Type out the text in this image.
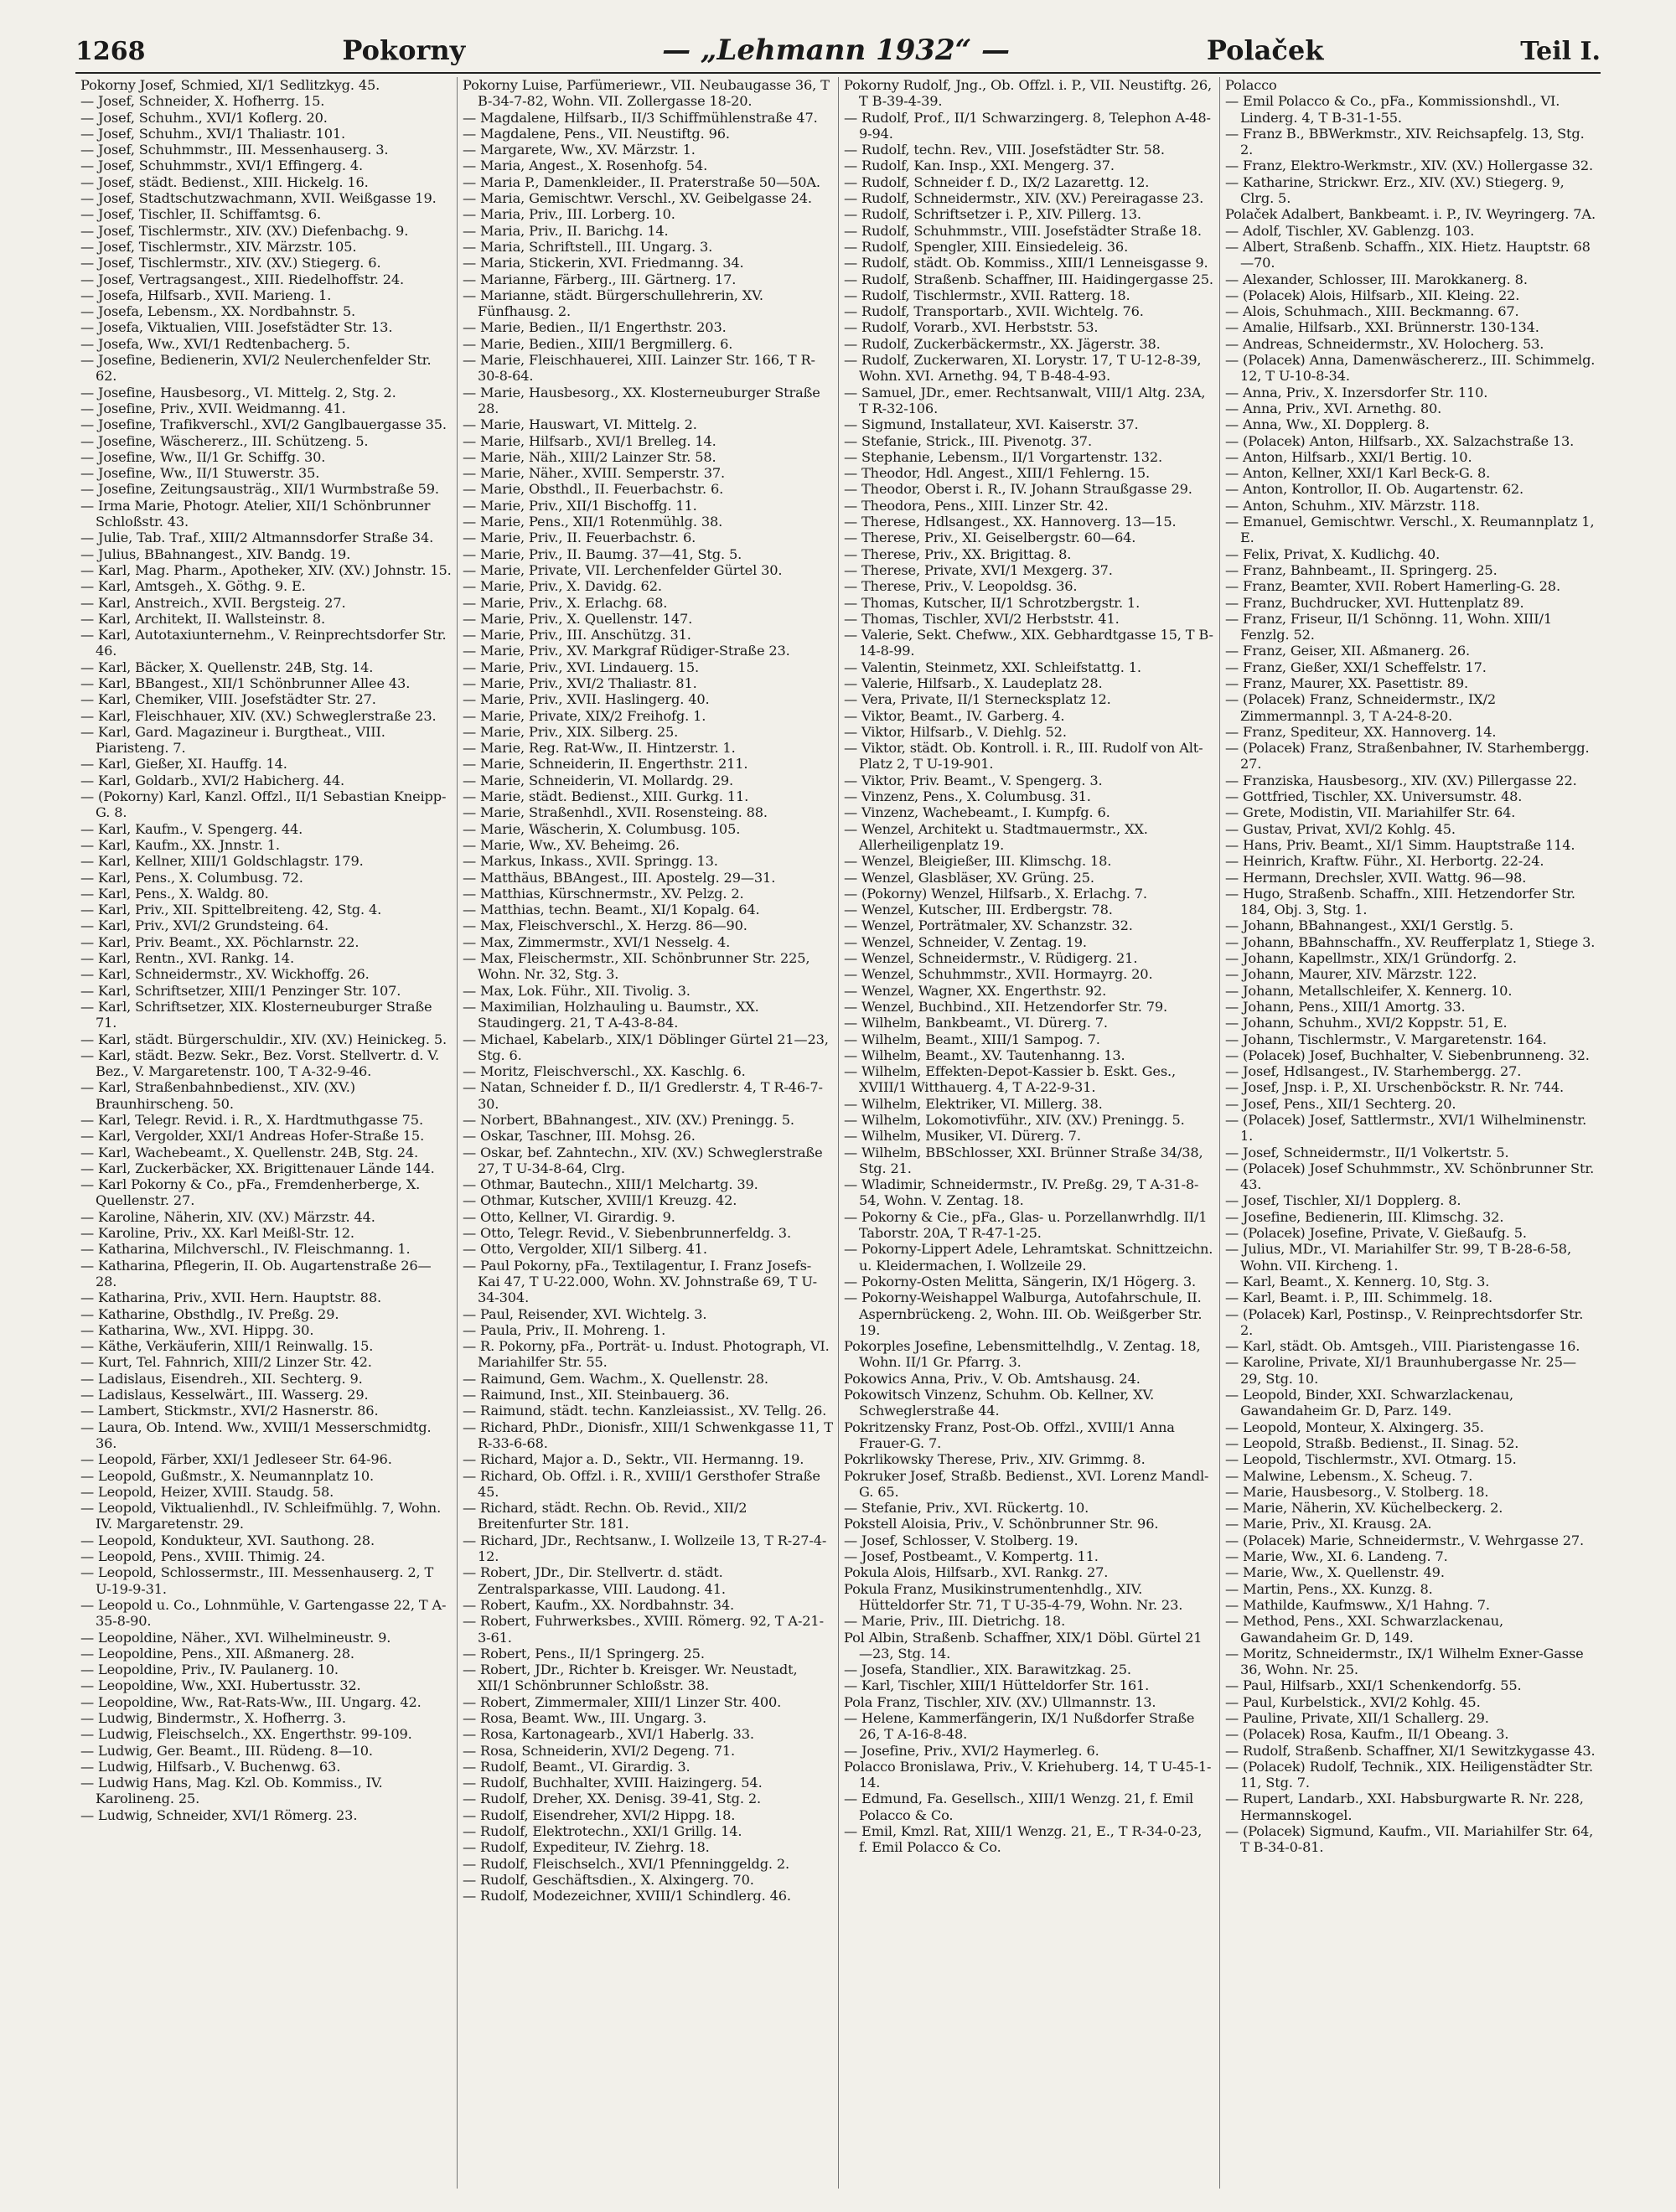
1268	Pokorny	— „Lehmann 1932“ —	Polaček	Teil I.

Pokorny Josef, Schmied, XI/1 Sedlitzkyg. 45.

— Josef, Schneider, X. Hofherrg. 15.

— Josef, Schuhm., XVI/1 Koflerg. 20.

— Josef, Schuhm., XVI/1 Thaliastr. 101.

— Josef, Schuhmmstr., III. Messenhauserg. 3.

— Josef, Schuhmmstr., XVI/1 Effingerg. 4.

— Josef, städt. Bedienst., XIII. Hickelg. 16.

— Josef, Stadtschutzwachmann, XVII. Weißgasse 19.

— Josef, Tischler, II. Schiffamtsg. 6.

— Josef, Tischlermstr., XIV. (XV.) Diefenbachg. 9.

— Josef, Tischlermstr., XIV. Märzstr. 105.

— Josef, Tischlermstr., XIV. (XV.) Stiegerg. 6.

— Josef, Vertragsangest., XIII. Riedelhoffstr. 24.

— Josefa, Hilfsarb., XVII. Marieng. 1.

— Josefa, Lebensm., XX. Nordbahnstr. 5.

— Josefa, Viktualien, VIII. Josefstädter Str. 13.

— Josefa, Ww., XVI/1 Redtenbacherg. 5.

— Josefine, Bedienerin, XVI/2 Neulerchenfelder Str. 62.

— Josefine, Hausbesorg., VI. Mittelg. 2, Stg. 2.

— Josefine, Priv., XVII. Weidmanng. 41.

— Josefine, Trafikverschl., XVI/2 Ganglbauergasse 35.

— Josefine, Wäschererz., III. Schützeng. 5.

— Josefine, Ww., II/1 Gr. Schiffg. 30.

— Josefine, Ww., II/1 Stuwerstr. 35.

— Josefine, Zeitungsausträg., XII/1 Wurmbstraße 59.

— Irma Marie, Photogr. Atelier, XII/1 Schönbrunner Schloßstr. 43.

— Julie, Tab. Traf., XIII/2 Altmannsdorfer Straße 34.

— Julius, BBahnangest., XIV. Bandg. 19.

— Karl, Mag. Pharm., Apotheker, XIV. (XV.) Johnstr. 15.

— Karl, Amtsgeh., X. Göthg. 9. E.

— Karl, Anstreich., XVII. Bergsteig. 27.

— Karl, Architekt, II. Wallsteinstr. 8.

— Karl, Autotaxiunternehm., V. Reinprechtsdorfer Str. 46.

— Karl, Bäcker, X. Quellenstr. 24B, Stg. 14.

— Karl, BBangest., XII/1 Schönbrunner Allee 43.

— Karl, Chemiker, VIII. Josefstädter Str. 27.

— Karl, Fleischhauer, XIV. (XV.) Schweglerstraße 23.

— Karl, Gard. Magazineur i. Burgtheat., VIII. Piaristeng. 7.

— Karl, Gießer, XI. Hauffg. 14.

— Karl, Goldarb., XVI/2 Habicherg. 44.

— (Pokorny) Karl, Kanzl. Offzl., II/1 Sebastian Kneipp-G. 8.

— Karl, Kaufm., V. Spengerg. 44.

— Karl, Kaufm., XX. Jnnstr. 1.

— Karl, Kellner, XIII/1 Goldschlagstr. 179.

— Karl, Pens., X. Columbusg. 72.

— Karl, Pens., X. Waldg. 80.

— Karl, Priv., XII. Spittelbreiteng. 42, Stg. 4.

— Karl, Priv., XVI/2 Grundsteing. 64.

— Karl, Priv. Beamt., XX. Pöchlarnstr. 22.

— Karl, Rentn., XVI. Rankg. 14.

— Karl, Schneidermstr., XV. Wickhoffg. 26.

— Karl, Schriftsetzer, XIII/1 Penzinger Str. 107.

— Karl, Schriftsetzer, XIX. Klosterneuburger Straße 71.

— Karl, städt. Bürgerschuldir., XIV. (XV.) Heinickeg. 5.

— Karl, städt. Bezw. Sekr., Bez. Vorst. Stellvertr. d. V. Bez., V. Margaretenstr. 100, T A-32-9-46.

— Karl, Straßenbahnbedienst., XIV. (XV.) Braunhirscheng. 50.

— Karl, Telegr. Revid. i. R., X. Hardtmuthgasse 75.

— Karl, Vergolder, XXI/1 Andreas Hofer-Straße 15.

— Karl, Wachebeamt., X. Quellenstr. 24B, Stg. 24.

— Karl, Zuckerbäcker, XX. Brigittenauer Lände 144.

— Karl Pokorny & Co., pFa., Fremdenherberge, X. Quellenstr. 27.

— Karoline, Näherin, XIV. (XV.) Märzstr. 44.

— Karoline, Priv., XX. Karl Meißl-Str. 12.

— Katharina, Milchverschl., IV. Fleischmanng. 1.

— Katharina, Pflegerin, II. Ob. Augartenstraße 26—28.

— Katharina, Priv., XVII. Hern. Hauptstr. 88.

— Katharine, Obsthdlg., IV. Preßg. 29.

— Katharina, Ww., XVI. Hippg. 30.

— Käthe, Verkäuferin, XIII/1 Reinwallg. 15.

— Kurt, Tel. Fahnrich, XIII/2 Linzer Str. 42.

— Ladislaus, Eisendreh., XII. Sechterg. 9.

— Ladislaus, Kesselwärt., III. Wasserg. 29.

— Lambert, Stickmstr., XVI/2 Hasnerstr. 86.

— Laura, Ob. Intend. Ww., XVIII/1 Messerschmidtg. 36.

— Leopold, Färber, XXI/1 Jedleseer Str. 64-96.

— Leopold, Gußmstr., X. Neumannplatz 10.

— Leopold, Heizer, XVIII. Staudg. 58.

— Leopold, Viktualienhdl., IV. Schleifmühlg. 7, Wohn. IV. Margaretenstr. 29.

— Leopold, Kondukteur, XVI. Sauthong. 28.

— Leopold, Pens., XVIII. Thimig. 24.

— Leopold, Schlossermstr., III. Messenhauserg. 2, T U-19-9-31.

— Leopold u. Co., Lohnmühle, V. Gartengasse 22, T A-35-8-90.

— Leopoldine, Näher., XVI. Wilhelmineustr. 9.

— Leopoldine, Pens., XII. Aßmanerg. 28.

— Leopoldine, Priv., IV. Paulanerg. 10.

— Leopoldine, Ww., XXI. Hubertusstr. 32.

— Leopoldine, Ww., Rat-Rats-Ww., III. Ungarg. 42.

— Ludwig, Bindermstr., X. Hofherrg. 3.

— Ludwig, Fleischselch., XX. Engerthstr. 99-109.

— Ludwig, Ger. Beamt., III. Rüdeng. 8—10.

— Ludwig, Hilfsarb., V. Buchenwg. 63.

— Ludwig Hans, Mag. Kzl. Ob. Kommiss., IV. Karolineng. 25.

— Ludwig, Schneider, XVI/1 Römerg. 23.

Pokorny Luise, Parfümeriewr., VII. Neubaugasse 36, T B-34-7-82, Wohn. VII. Zollergasse 18-20.

— Magdalene, Hilfsarb., II/3 Schiffmühlenstraße 47.

— Magdalene, Pens., VII. Neustiftg. 96.

— Margarete, Ww., XV. Märzstr. 1.

— Maria, Angest., X. Rosenhofg. 54.

— Maria P., Damenkleider., II. Praterstraße 50—50A.

— Maria, Gemischtwr. Verschl., XV. Geibelgasse 24.

— Maria, Priv., III. Lorberg. 10.

— Maria, Priv., II. Barichg. 14.

— Maria, Schriftstell., III. Ungarg. 3.

— Maria, Stickerin, XVI. Friedmanng. 34.

— Marianne, Färberg., III. Gärtnerg. 17.

— Marianne, städt. Bürgerschullehrerin, XV. Fünfhausg. 2.

— Marie, Bedien., II/1 Engerthstr. 203.

— Marie, Bedien., XIII/1 Bergmillerg. 6.

— Marie, Fleischhauerei, XIII. Lainzer Str. 166, T R-30-8-64.

— Marie, Hausbesorg., XX. Klosterneuburger Straße 28.

— Marie, Hauswart, VI. Mittelg. 2.

— Marie, Hilfsarb., XVI/1 Brelleg. 14.

— Marie, Näh., XIII/2 Lainzer Str. 58.

— Marie, Näher., XVIII. Semperstr. 37.

— Marie, Obsthdl., II. Feuerbachstr. 6.

— Marie, Priv., XII/1 Bischoffg. 11.

— Marie, Pens., XII/1 Rotenmühlg. 38.

— Marie, Priv., II. Feuerbachstr. 6.

— Marie, Priv., II. Baumg. 37—41, Stg. 5.

— Marie, Private, VII. Lerchenfelder Gürtel 30.

— Marie, Priv., X. Davidg. 62.

— Marie, Priv., X. Erlachg. 68.

— Marie, Priv., X. Quellenstr. 147.

— Marie, Priv., III. Anschützg. 31.

— Marie, Priv., XV. Markgraf Rüdiger-Straße 23.

— Marie, Priv., XVI. Lindauerg. 15.

— Marie, Priv., XVI/2 Thaliastr. 81.

— Marie, Priv., XVII. Haslingerg. 40.

— Marie, Private, XIX/2 Freihofg. 1.

— Marie, Priv., XIX. Silberg. 25.

— Marie, Reg. Rat-Ww., II. Hintzerstr. 1.

— Marie, Schneiderin, II. Engerthstr. 211.

— Marie, Schneiderin, VI. Mollardg. 29.

— Marie, städt. Bedienst., XIII. Gurkg. 11.

— Marie, Straßenhdl., XVII. Rosensteing. 88.

— Marie, Wäscherin, X. Columbusg. 105.

— Marie, Ww., XV. Beheimg. 26.

— Markus, Inkass., XVII. Springg. 13.

— Matthäus, BBAngest., III. Apostelg. 29—31.

— Matthias, Kürschnermstr., XV. Pelzg. 2.

— Matthias, techn. Beamt., XI/1 Kopalg. 64.

— Max, Fleischverschl., X. Herzg. 86—90.

— Max, Zimmermstr., XVI/1 Nesselg. 4.

— Max, Fleischermstr., XII. Schönbrunner Str. 225, Wohn. Nr. 32, Stg. 3.

— Max, Lok. Führ., XII. Tivolig. 3.

— Maximilian, Holzhauling u. Baumstr., XX. Staudingerg. 21, T A-43-8-84.

— Michael, Kabelarb., XIX/1 Döblinger Gürtel 21—23, Stg. 6.

— Moritz, Fleischverschl., XX. Kaschlg. 6.

— Natan, Schneider f. D., II/1 Gredlerstr. 4, T R-46-7-30.

— Norbert, BBahnangest., XIV. (XV.) Preningg. 5.

— Oskar, Taschner, III. Mohsg. 26.

— Oskar, bef. Zahntechn., XIV. (XV.) Schweglerstraße 27, T U-34-8-64, Clrg.

— Othmar, Bautechn., XIII/1 Melchartg. 39.

— Othmar, Kutscher, XVIII/1 Kreuzg. 42.

— Otto, Kellner, VI. Girardig. 9.

— Otto, Telegr. Revid., V. Siebenbrunnerfeldg. 3.

— Otto, Vergolder, XII/1 Silberg. 41.

— Paul Pokorny, pFa., Textilagentur, I. Franz Josefs-Kai 47, T U-22.000, Wohn. XV. Johnstraße 69, T U-34-304.

— Paul, Reisender, XVI. Wichtelg. 3.

— Paula, Priv., II. Mohreng. 1.

— R. Pokorny, pFa., Porträt- u. Indust. Photograph, VI. Mariahilfer Str. 55.

— Raimund, Gem. Wachm., X. Quellenstr. 28.

— Raimund, Inst., XII. Steinbauerg. 36.

— Raimund, städt. techn. Kanzleiassist., XV. Tellg. 26.

— Richard, PhDr., Dionisfr., XIII/1 Schwenkgasse 11, T R-33-6-68.

— Richard, Major a. D., Sektr., VII. Hermanng. 19.

— Richard, Ob. Offzl. i. R., XVIII/1 Gersthofer Straße 45.

— Richard, städt. Rechn. Ob. Revid., XII/2 Breitenfurter Str. 181.

— Richard, JDr., Rechtsanw., I. Wollzeile 13, T R-27-4-12.

— Robert, JDr., Dir. Stellvertr. d. städt. Zentralsparkasse, VIII. Laudong. 41.

— Robert, Kaufm., XX. Nordbahnstr. 34.

— Robert, Fuhrwerksbes., XVIII. Römerg. 92, T A-21-3-61.

— Robert, Pens., II/1 Springerg. 25.

— Robert, JDr., Richter b. Kreisger. Wr. Neustadt, XII/1 Schönbrunner Schloßstr. 38.

— Robert, Zimmermaler, XIII/1 Linzer Str. 400.

— Rosa, Beamt. Ww., III. Ungarg. 3.

— Rosa, Kartonagearb., XVI/1 Haberlg. 33.

— Rosa, Schneiderin, XVI/2 Degeng. 71.

— Rudolf, Beamt., VI. Girardig. 3.

— Rudolf, Buchhalter, XVIII. Haizingerg. 54.

— Rudolf, Dreher, XX. Denisg. 39-41, Stg. 2.

— Rudolf, Eisendreher, XVI/2 Hippg. 18.

— Rudolf, Elektrotechn., XXI/1 Grillg. 14.

— Rudolf, Expediteur, IV. Ziehrg. 18.

— Rudolf, Fleischselch., XVI/1 Pfenninggeldg. 2.

— Rudolf, Geschäftsdien., X. Alxingerg. 70.

— Rudolf, Modezeichner, XVIII/1 Schindlerg. 46.

Pokorny Rudolf, Jng., Ob. Offzl. i. P., VII. Neustiftg. 26, T B-39-4-39.

— Rudolf, Prof., II/1 Schwarzingerg. 8, Telephon A-48-9-94.

— Rudolf, techn. Rev., VIII. Josefstädter Str. 58.

— Rudolf, Kan. Insp., XXI. Mengerg. 37.

— Rudolf, Schneider f. D., IX/2 Lazarettg. 12.

— Rudolf, Schneidermstr., XIV. (XV.) Pereiragasse 23.

— Rudolf, Schriftsetzer i. P., XIV. Pillerg. 13.

— Rudolf, Schuhmmstr., VIII. Josefstädter Straße 18.

— Rudolf, Spengler, XIII. Einsiedeleig. 36.

— Rudolf, städt. Ob. Kommiss., XIII/1 Lenneisgasse 9.

— Rudolf, Straßenb. Schaffner, III. Haidingergasse 25.

— Rudolf, Tischlermstr., XVII. Ratterg. 18.

— Rudolf, Transportarb., XVII. Wichtelg. 76.

— Rudolf, Vorarb., XVI. Herbststr. 53.

— Rudolf, Zuckerbäckermstr., XX. Jägerstr. 38.

— Rudolf, Zuckerwaren, XI. Lorystr. 17, T U-12-8-39, Wohn. XVI. Arnethg. 94, T B-48-4-93.

— Samuel, JDr., emer. Rechtsanwalt, VIII/1 Altg. 23A, T R-32-106.

— Sigmund, Installateur, XVI. Kaiserstr. 37.

— Stefanie, Strick., III. Pivenotg. 37.

— Stephanie, Lebensm., II/1 Vorgartenstr. 132.

— Theodor, Hdl. Angest., XIII/1 Fehlerng. 15.

— Theodor, Oberst i. R., IV. Johann Straußgasse 29.

— Theodora, Pens., XIII. Linzer Str. 42.

— Therese, Hdlsangest., XX. Hannoverg. 13—15.

— Therese, Priv., XI. Geiselbergstr. 60—64.

— Therese, Priv., XX. Brigittag. 8.

— Therese, Private, XVI/1 Mexgerg. 37.

— Therese, Priv., V. Leopoldsg. 36.

— Thomas, Kutscher, II/1 Schrotzbergstr. 1.

— Thomas, Tischler, XVI/2 Herbststr. 41.

— Valerie, Sekt. Chefww., XIX. Gebhardtgasse 15, T B-14-8-99.

— Valentin, Steinmetz, XXI. Schleifstattg. 1.

— Valerie, Hilfsarb., X. Laudeplatz 28.

— Vera, Private, II/1 Sternecksplatz 12.

— Viktor, Beamt., IV. Garberg. 4.

— Viktor, Hilfsarb., V. Diehlg. 52.

— Viktor, städt. Ob. Kontroll. i. R., III. Rudolf von Alt-Platz 2, T U-19-901.

— Viktor, Priv. Beamt., V. Spengerg. 3.

— Vinzenz, Pens., X. Columbusg. 31.

— Vinzenz, Wachebeamt., I. Kumpfg. 6.

— Wenzel, Architekt u. Stadtmauermstr., XX. Allerheiligenplatz 19.

— Wenzel, Bleigießer, III. Klimschg. 18.

— Wenzel, Glasbläser, XV. Grüng. 25.

— (Pokorny) Wenzel, Hilfsarb., X. Erlachg. 7.

— Wenzel, Kutscher, III. Erdbergstr. 78.

— Wenzel, Porträtmaler, XV. Schanzstr. 32.

— Wenzel, Schneider, V. Zentag. 19.

— Wenzel, Schneidermstr., V. Rüdigerg. 21.

— Wenzel, Schuhmmstr., XVII. Hormayrg. 20.

— Wenzel, Wagner, XX. Engerthstr. 92.

— Wenzel, Buchbind., XII. Hetzendorfer Str. 79.

— Wilhelm, Bankbeamt., VI. Dürerg. 7.

— Wilhelm, Beamt., XIII/1 Sampog. 7.

— Wilhelm, Beamt., XV. Tautenhanng. 13.

— Wilhelm, Effekten-Depot-Kassier b. Eskt. Ges., XVIII/1 Witthauerg. 4, T A-22-9-31.

— Wilhelm, Elektriker, VI. Millerg. 38.

— Wilhelm, Lokomotivführ., XIV. (XV.) Preningg. 5.

— Wilhelm, Musiker, VI. Dürerg. 7.

— Wilhelm, BBSchlosser, XXI. Brünner Straße 34/38, Stg. 21.

— Wladimir, Schneidermstr., IV. Preßg. 29, T A-31-8-54, Wohn. V. Zentag. 18.

— Pokorny & Cie., pFa., Glas- u. Porzellanwrhdlg. II/1 Taborstr. 20A, T R-47-1-25.

— Pokorny-Lippert Adele, Lehramtskat. Schnittzeichn. u. Kleidermachen, I. Wollzeile 29.

— Pokorny-Osten Melitta, Sängerin, IX/1 Högerg. 3.

— Pokorny-Weishappel Walburga, Autofahrschule, II. Aspernbrückeng. 2, Wohn. III. Ob. Weißgerber Str. 19.

Pokorples Josefine, Lebensmittelhdlg., V. Zentag. 18, Wohn. II/1 Gr. Pfarrg. 3.

Pokowics Anna, Priv., V. Ob. Amtshausg. 24.

Pokowitsch Vinzenz, Schuhm. Ob. Kellner, XV. Schweglerstraße 44.

Pokritzensky Franz, Post-Ob. Offzl., XVIII/1 Anna Frauer-G. 7.

Pokrlikowsky Therese, Priv., XIV. Grimmg. 8.

Pokruker Josef, Straßb. Bedienst., XVI. Lorenz Mandl-G. 65.

— Stefanie, Priv., XVI. Rückertg. 10.

Pokstell Aloisia, Priv., V. Schönbrunner Str. 96.

— Josef, Schlosser, V. Stolberg. 19.

— Josef, Postbeamt., V. Kompertg. 11.

Pokula Alois, Hilfsarb., XVI. Rankg. 27.

Pokula Franz, Musikinstrumentenhdlg., XIV. Hütteldorfer Str. 71, T U-35-4-79, Wohn. Nr. 23.

— Marie, Priv., III. Dietrichg. 18.

Pol Albin, Straßenb. Schaffner, XIX/1 Döbl. Gürtel 21—23, Stg. 14.

— Josefa, Standlier., XIX. Barawitzkag. 25.

— Karl, Tischler, XIII/1 Hütteldorfer Str. 161.

Pola Franz, Tischler, XIV. (XV.) Ullmannstr. 13.

— Helene, Kammerfängerin, IX/1 Nußdorfer Straße 26, T A-16-8-48.

— Josefine, Priv., XVI/2 Haymerleg. 6.

Polacco Bronislawa, Priv., V. Kriehuberg. 14, T U-45-1-14.

— Edmund, Fa. Gesellsch., XIII/1 Wenzg. 21, f. Emil Polacco & Co.

— Emil, Kmzl. Rat, XIII/1 Wenzg. 21, E., T R-34-0-23, f. Emil Polacco & Co.

Polacco

— Emil Polacco & Co., pFa., Kommissionshdl., VI. Linderg. 4, T B-31-1-55.

— Franz B., BBWerkmstr., XIV. Reichsapfelg. 13, Stg. 2.

— Franz, Elektro-Werkmstr., XIV. (XV.) Hollergasse 32.

— Katharine, Strickwr. Erz., XIV. (XV.) Stiegerg. 9, Clrg. 5.

Polaček Adalbert, Bankbeamt. i. P., IV. Weyringerg. 7A.

— Adolf, Tischler, XV. Gablenzg. 103.

— Albert, Straßenb. Schaffn., XIX. Hietz. Hauptstr. 68—70.

— Alexander, Schlosser, III. Marokkanerg. 8.

— (Polacek) Alois, Hilfsarb., XII. Kleing. 22.

— Alois, Schuhmach., XIII. Beckmanng. 67.

— Amalie, Hilfsarb., XXI. Brünnerstr. 130-134.

— Andreas, Schneidermstr., XV. Holocherg. 53.

— (Polacek) Anna, Damenwäschererz., III. Schimmelg. 12, T U-10-8-34.

— Anna, Priv., X. Inzersdorfer Str. 110.

— Anna, Priv., XVI. Arnethg. 80.

— Anna, Ww., XI. Dopplerg. 8.

— (Polacek) Anton, Hilfsarb., XX. Salzachstraße 13.

— Anton, Hilfsarb., XXI/1 Bertig. 10.

— Anton, Kellner, XXI/1 Karl Beck-G. 8.

— Anton, Kontrollor, II. Ob. Augartenstr. 62.

— Anton, Schuhm., XIV. Märzstr. 118.

— Emanuel, Gemischtwr. Verschl., X. Reumannplatz 1, E.

— Felix, Privat, X. Kudlichg. 40.

— Franz, Bahnbeamt., II. Springerg. 25.

— Franz, Beamter, XVII. Robert Hamerling-G. 28.

— Franz, Buchdrucker, XVI. Huttenplatz 89.

— Franz, Friseur, II/1 Schönng. 11, Wohn. XIII/1 Fenzlg. 52.

— Franz, Geiser, XII. Aßmanerg. 26.

— Franz, Gießer, XXI/1 Scheffelstr. 17.

— Franz, Maurer, XX. Pasettistr. 89.

— (Polacek) Franz, Schneidermstr., IX/2 Zimmermannpl. 3, T A-24-8-20.

— Franz, Spediteur, XX. Hannoverg. 14.

— (Polacek) Franz, Straßenbahner, IV. Starhembergg. 27.

— Franziska, Hausbesorg., XIV. (XV.) Pillergasse 22.

— Gottfried, Tischler, XX. Universumstr. 48.

— Grete, Modistin, VII. Mariahilfer Str. 64.

— Gustav, Privat, XVI/2 Kohlg. 45.

— Hans, Priv. Beamt., XI/1 Simm. Hauptstraße 114.

— Heinrich, Kraftw. Führ., XI. Herbortg. 22-24.

— Hermann, Drechsler, XVII. Wattg. 96—98.

— Hugo, Straßenb. Schaffn., XIII. Hetzendorfer Str. 184, Obj. 3, Stg. 1.

— Johann, BBahnangest., XXI/1 Gerstlg. 5.

— Johann, BBahnschaffn., XV. Reufferplatz 1, Stiege 3.

— Johann, Kapellmstr., XIX/1 Gründorfg. 2.

— Johann, Maurer, XIV. Märzstr. 122.

— Johann, Metallschleifer, X. Kennerg. 10.

— Johann, Pens., XIII/1 Amortg. 33.

— Johann, Schuhm., XVI/2 Koppstr. 51, E.

— Johann, Tischlermstr., V. Margaretenstr. 164.

— (Polacek) Josef, Buchhalter, V. Siebenbrunneng. 32.

— Josef, Hdlsangest., IV. Starhembergg. 27.

— Josef, Jnsp. i. P., XI. Urschenböckstr. R. Nr. 744.

— Josef, Pens., XII/1 Sechterg. 20.

— (Polacek) Josef, Sattlermstr., XVI/1 Wilhelminenstr. 1.

— Josef, Schneidermstr., II/1 Volkertstr. 5.

— (Polacek) Josef Schuhmmstr., XV. Schönbrunner Str. 43.

— Josef, Tischler, XI/1 Dopplerg. 8.

— Josefine, Bedienerin, III. Klimschg. 32.

— (Polacek) Josefine, Private, V. Gießaufg. 5.

— Julius, MDr., VI. Mariahilfer Str. 99, T B-28-6-58, Wohn. VII. Kircheng. 1.

— Karl, Beamt., X. Kennerg. 10, Stg. 3.

— Karl, Beamt. i. P., III. Schimmelg. 18.

— (Polacek) Karl, Postinsp., V. Reinprechtsdorfer Str. 2.

— Karl, städt. Ob. Amtsgeh., VIII. Piaristengasse 16.

— Karoline, Private, XI/1 Braunhubergasse Nr. 25—29, Stg. 10.

— Leopold, Binder, XXI. Schwarzlackenau, Gawandaheim Gr. D, Parz. 149.

— Leopold, Monteur, X. Alxingerg. 35.

— Leopold, Straßb. Bedienst., II. Sinag. 52.

— Leopold, Tischlermstr., XVI. Otmarg. 15.

— Malwine, Lebensm., X. Scheug. 7.

— Marie, Hausbesorg., V. Stolberg. 18.

— Marie, Näherin, XV. Küchelbeckerg. 2.

— Marie, Priv., XI. Krausg. 2A.

— (Polacek) Marie, Schneidermstr., V. Wehrgasse 27.

— Marie, Ww., XI. 6. Landeng. 7.

— Marie, Ww., X. Quellenstr. 49.

— Martin, Pens., XX. Kunzg. 8.

— Mathilde, Kaufmsww., X/1 Hahng. 7.

— Method, Pens., XXI. Schwarzlackenau, Gawandaheim Gr. D, 149.

— Moritz, Schneidermstr., IX/1 Wilhelm Exner-Gasse 36, Wohn. Nr. 25.

— Paul, Hilfsarb., XXI/1 Schenkendorfg. 55.

— Paul, Kurbelstick., XVI/2 Kohlg. 45.

— Pauline, Private, XII/1 Schallerg. 29.

— (Polacek) Rosa, Kaufm., II/1 Obeang. 3.

— Rudolf, Straßenb. Schaffner, XI/1 Sewitzkygasse 43.

— (Polacek) Rudolf, Technik., XIX. Heiligenstädter Str. 11, Stg. 7.

— Rupert, Landarb., XXI. Habsburgwarte R. Nr. 228, Hermannskogel.

— (Polacek) Sigmund, Kaufm., VII. Mariahilfer Str. 64, T B-34-0-81.
